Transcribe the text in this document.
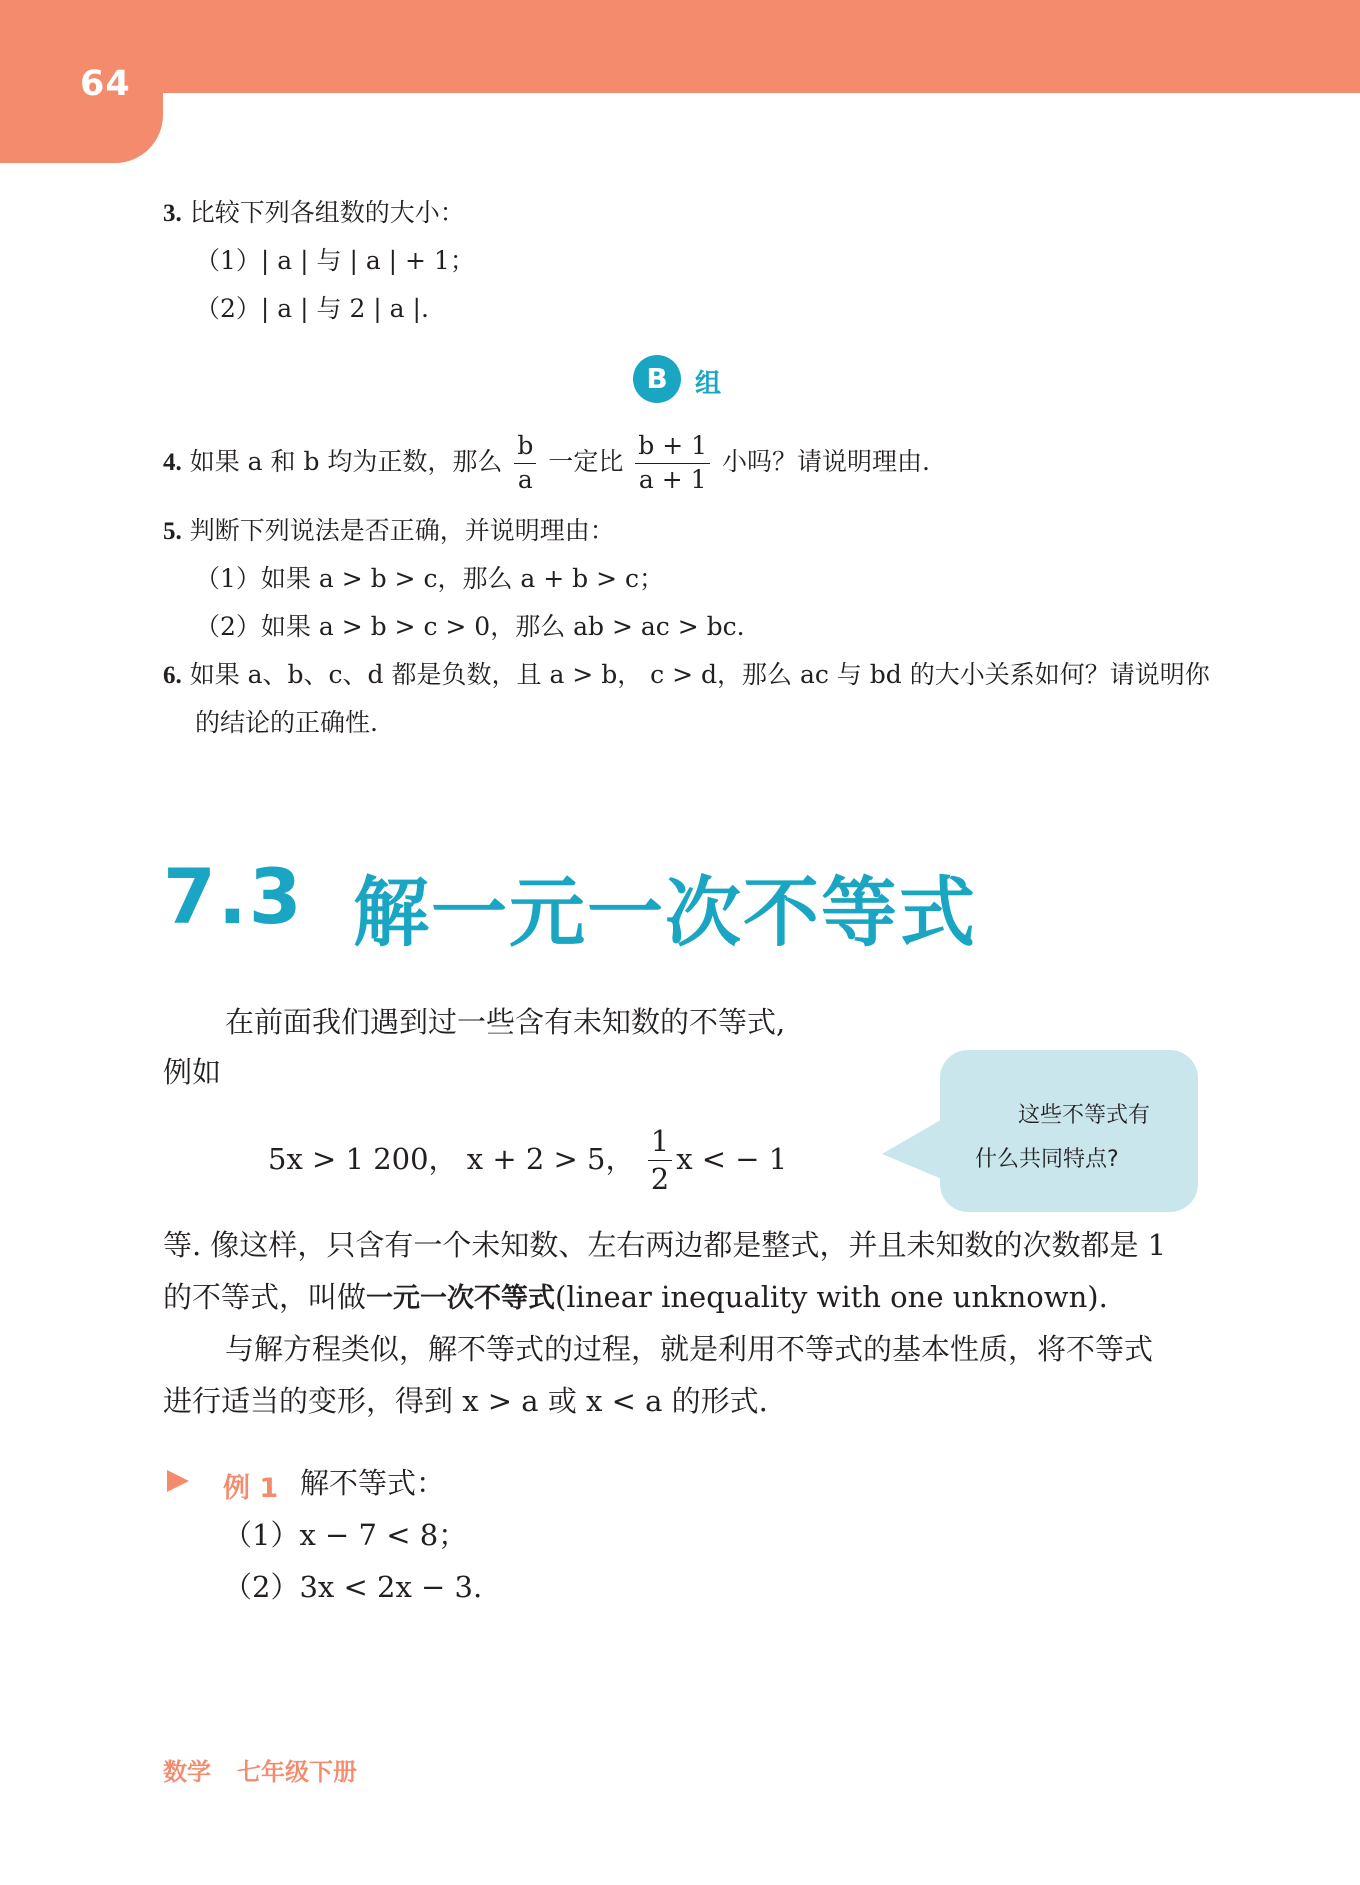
64
3. 比较下列各组数的大小：
（1）| a | 与 | a | + 1；
（2）| a | 与 2 | a |.
B	组
4. 如果 a 和 b 均为正数，那么 $\frac{b}{a}$ 一定比 $\frac{b + 1}{a + 1}$ 小吗？请说明理由.
5. 判断下列说法是否正确，并说明理由：
（1）如果 a > b > c，那么 a + b > c；
（2）如果 a > b > c > 0，那么 ab > ac > bc.
6. 如果 a、b、c、d 都是负数，且 a > b， c > d，那么 ac 与 bd 的大小关系如何？请说明你
的结论的正确性.
7.3 解一元一次不等式
在前面我们遇到过一些含有未知数的不等式,
例如
5x > 1 200， x + 2 > 5， $\frac{1}{2}$ x < − 1
这些不等式有
什么共同特点?
等. 像这样，只含有一个未知数、左右两边都是整式，并且未知数的次数都是 1
的不等式，叫做一元一次不等式(linear inequality with one unknown).
与解方程类似，解不等式的过程，就是利用不等式的基本性质，将不等式
进行适当的变形，得到 x > a 或 x < a 的形式.
例 1 解不等式：
（1）x − 7 < 8；
（2）3x < 2x − 3.
数学 七年级下册
